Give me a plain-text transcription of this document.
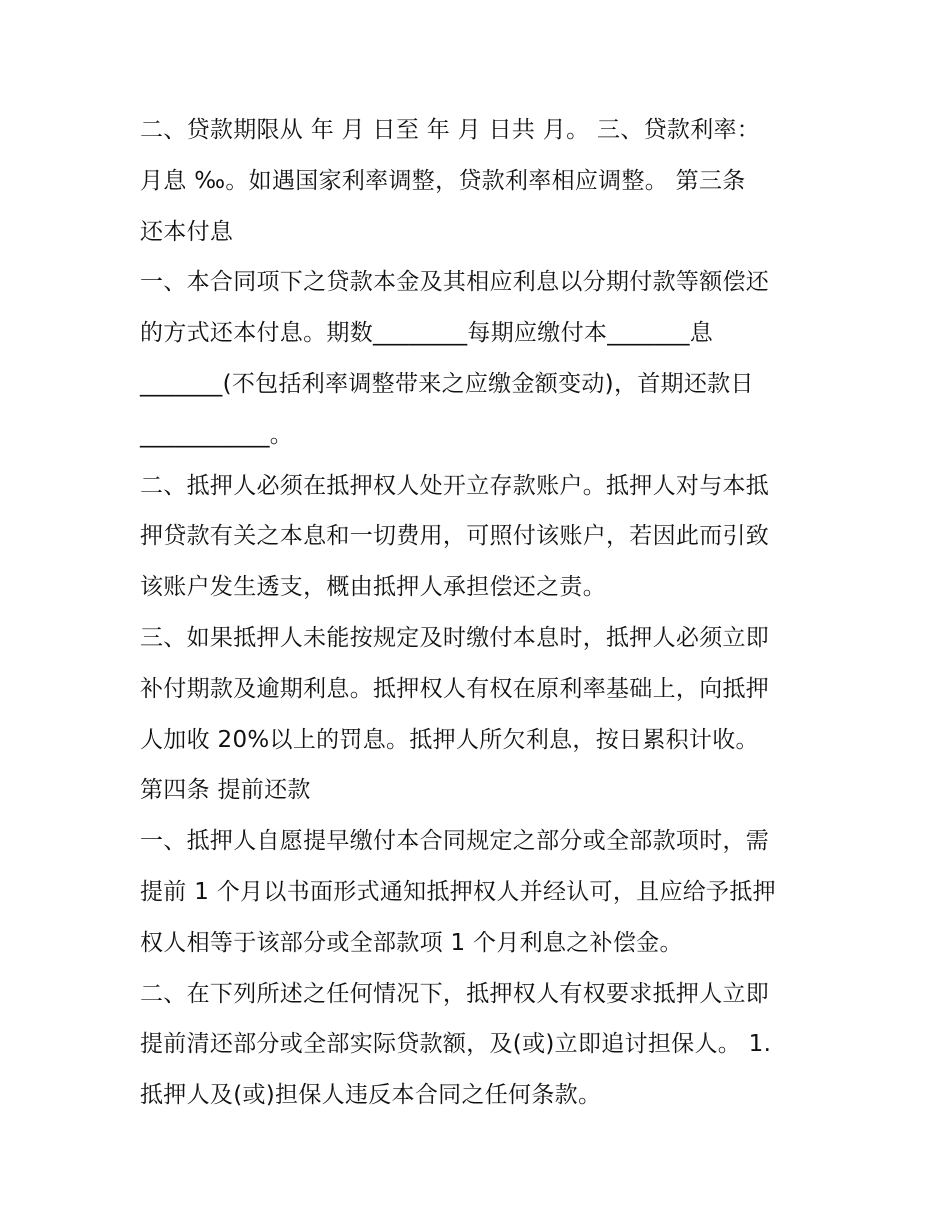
二、贷款期限从 年 月 日至 年 月 日共 月。 三、贷款利率：
月息 ‰。如遇国家利率调整，贷款利率相应调整。 第三条
还本付息
一、本合同项下之贷款本金及其相应利息以分期付款等额偿还
的方式还本付息。期数________每期应缴付本_______息
_______(不包括利率调整带来之应缴金额变动)，首期还款日
___________。
二、抵押人必须在抵押权人处开立存款账户。抵押人对与本抵
押贷款有关之本息和一切费用，可照付该账户，若因此而引致
该账户发生透支，概由抵押人承担偿还之责。
三、如果抵押人未能按规定及时缴付本息时，抵押人必须立即
补付期款及逾期利息。抵押权人有权在原利率基础上，向抵押
人加收 20%以上的罚息。抵押人所欠利息，按日累积计收。
第四条 提前还款
一、抵押人自愿提早缴付本合同规定之部分或全部款项时，需
提前 1 个月以书面形式通知抵押权人并经认可，且应给予抵押
权人相等于该部分或全部款项 1 个月利息之补偿金。
二、在下列所述之任何情况下，抵押权人有权要求抵押人立即
提前清还部分或全部实际贷款额，及(或)立即追讨担保人。 1.
抵押人及(或)担保人违反本合同之任何条款。
